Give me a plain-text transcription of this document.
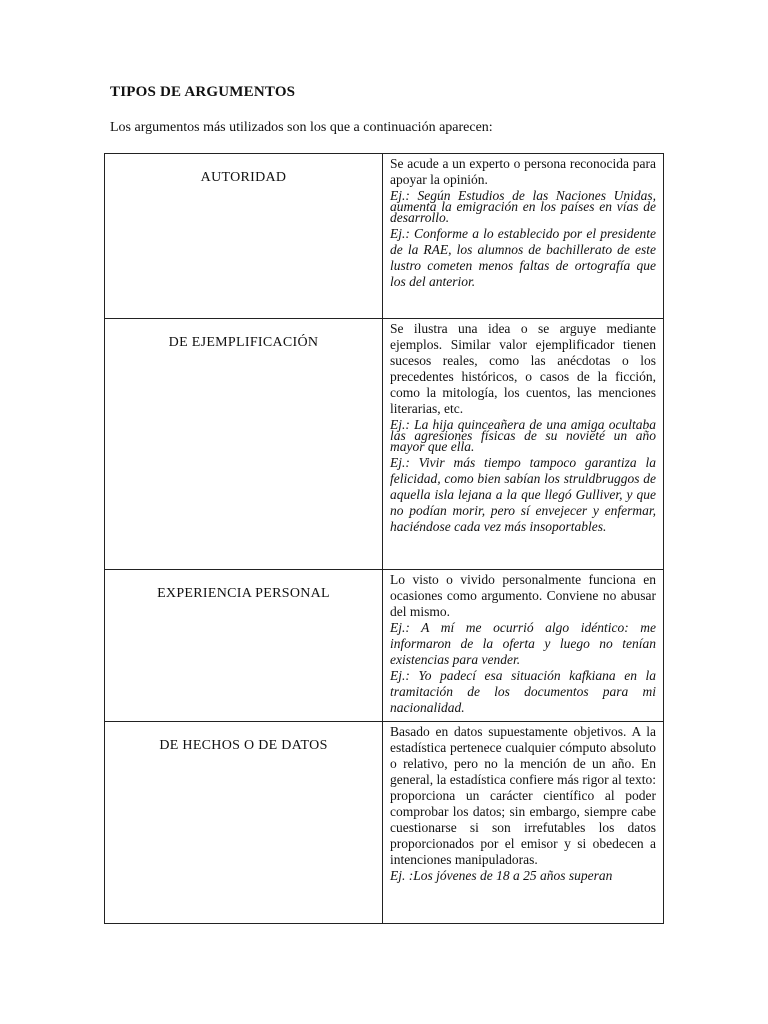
TIPOS DE ARGUMENTOS
Los argumentos más utilizados son los que a continuación aparecen:
AUTORIDAD	Se acude a un experto o persona reconocida para apoyar la opinión.

Ej.: Según Estudios de las Naciones Unidas, aumenta la emigración en los países en vías de desarrollo.

Ej.: Conforme a lo establecido por el presidente de la RAE, los alumnos de bachillerato de este lustro cometen menos faltas de ortografía que los del anterior.

DE EJEMPLIFICACIÓN	Se ilustra una idea o se arguye mediante ejemplos. Similar valor ejemplificador tienen sucesos reales, como las anécdotas o los precedentes históricos, o casos de la ficción, como la mitología, los cuentos, las menciones literarias, etc.

Ej.: La hija quinceañera de una amiga ocultaba las agresiones físicas de su novieté un año mayor que ella.

Ej.: Vivir más tiempo tampoco garantiza la felicidad, como bien sabían los struldbruggos de aquella isla lejana a la que llegó Gulliver, y que no podían morir, pero sí envejecer y enfermar, haciéndose cada vez más insoportables.

EXPERIENCIA PERSONAL	Lo visto o vivido personalmente funciona en ocasiones como argumento. Conviene no abusar del mismo.

Ej.: A mí me ocurrió algo idéntico: me informaron de la oferta y luego no tenían existencias para vender.

Ej.: Yo padecí esa situación kafkiana en la tramitación de los documentos para mi nacionalidad.

DE HECHOS O DE DATOS	Basado en datos supuestamente objetivos. A la estadística pertenece cualquier cómputo absoluto o relativo, pero no la mención de un año. En general, la estadística confiere más rigor al texto: proporciona un carácter científico al poder comprobar los datos; sin embargo, siempre cabe cuestionarse si son irrefutables los datos proporcionados por el emisor y si obedecen a intenciones manipuladoras.

Ej. :Los jóvenes de 18 a 25 años superan
